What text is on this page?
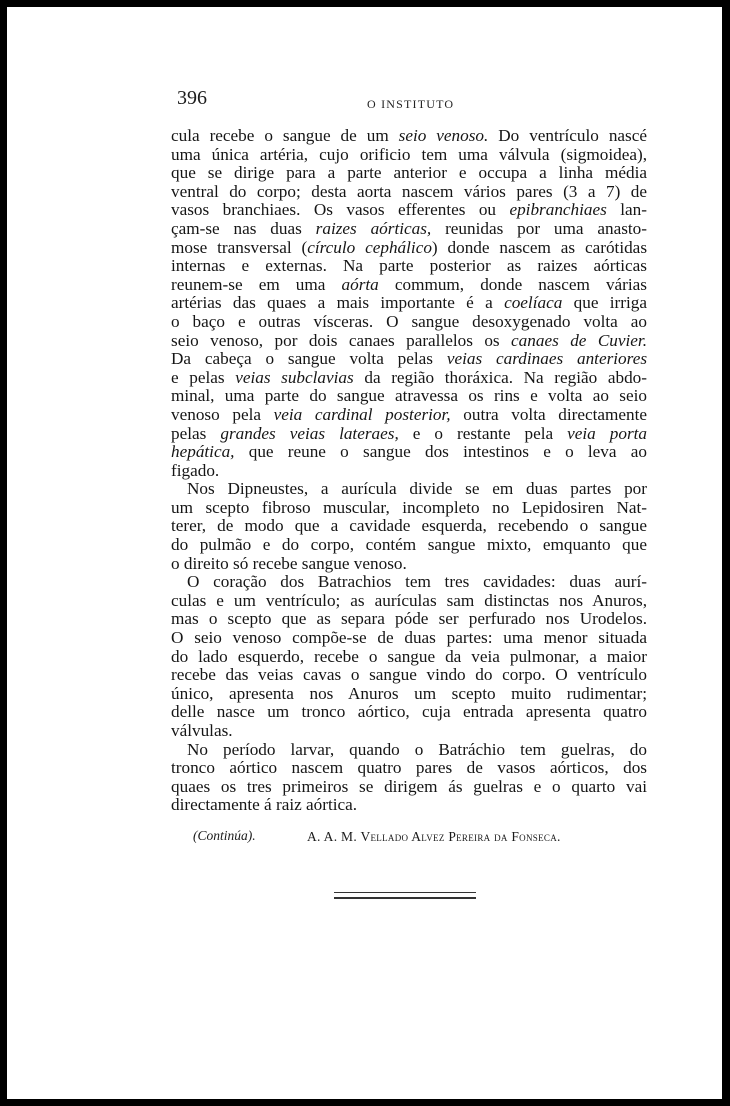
396	O INSTITUTO
cula recebe o sangue de um seio venoso. Do ventrículo nascé
uma única artéria, cujo orificio tem uma válvula (sigmoidea),
que se dirige para a parte anterior e occupa a linha média
ventral do corpo; desta aorta nascem vários pares (3 a 7) de
vasos branchiaes. Os vasos efferentes ou epibranchiaes lan-
çam-se nas duas raizes aórticas, reunidas por uma anasto-
mose transversal (círculo cephálico) donde nascem as carótidas
internas e externas. Na parte posterior as raizes aórticas
reunem-se em uma aórta commum, donde nascem várias
artérias das quaes a mais importante é a coelíaca que irriga
o baço e outras vísceras. O sangue desoxygenado volta ao
seio venoso, por dois canaes parallelos os canaes de Cuvier.
Da cabeça o sangue volta pelas veias cardinaes anteriores
e pelas veias subclavias da região thoráxica. Na região abdo-
minal, uma parte do sangue atravessa os rins e volta ao seio
venoso pela veia cardinal posterior, outra volta directamente
pelas grandes veias lateraes, e o restante pela veia porta
hepática, que reune o sangue dos intestinos e o leva ao
figado.
Nos Dipneustes, a aurícula divide se em duas partes por
um scepto fibroso muscular, incompleto no Lepidosiren Nat-
terer, de modo que a cavidade esquerda, recebendo o sangue
do pulmão e do corpo, contém sangue mixto, emquanto que
o direito só recebe sangue venoso.
O coração dos Batrachios tem tres cavidades: duas aurí-
culas e um ventrículo; as aurículas sam distinctas nos Anuros,
mas o scepto que as separa póde ser perfurado nos Urodelos.
O seio venoso compõe-se de duas partes: uma menor situada
do lado esquerdo, recebe o sangue da veia pulmonar, a maior
recebe das veias cavas o sangue vindo do corpo. O ventrículo
único, apresenta nos Anuros um scepto muito rudimentar;
delle nasce um tronco aórtico, cuja entrada apresenta quatro
válvulas.
No período larvar, quando o Batráchio tem guelras, do
tronco aórtico nascem quatro pares de vasos aórticos, dos
quaes os tres primeiros se dirigem ás guelras e o quarto vai
directamente á raiz aórtica.
(Continúa).	A. A. M. Vellado Alvez Pereira da Fonseca.
